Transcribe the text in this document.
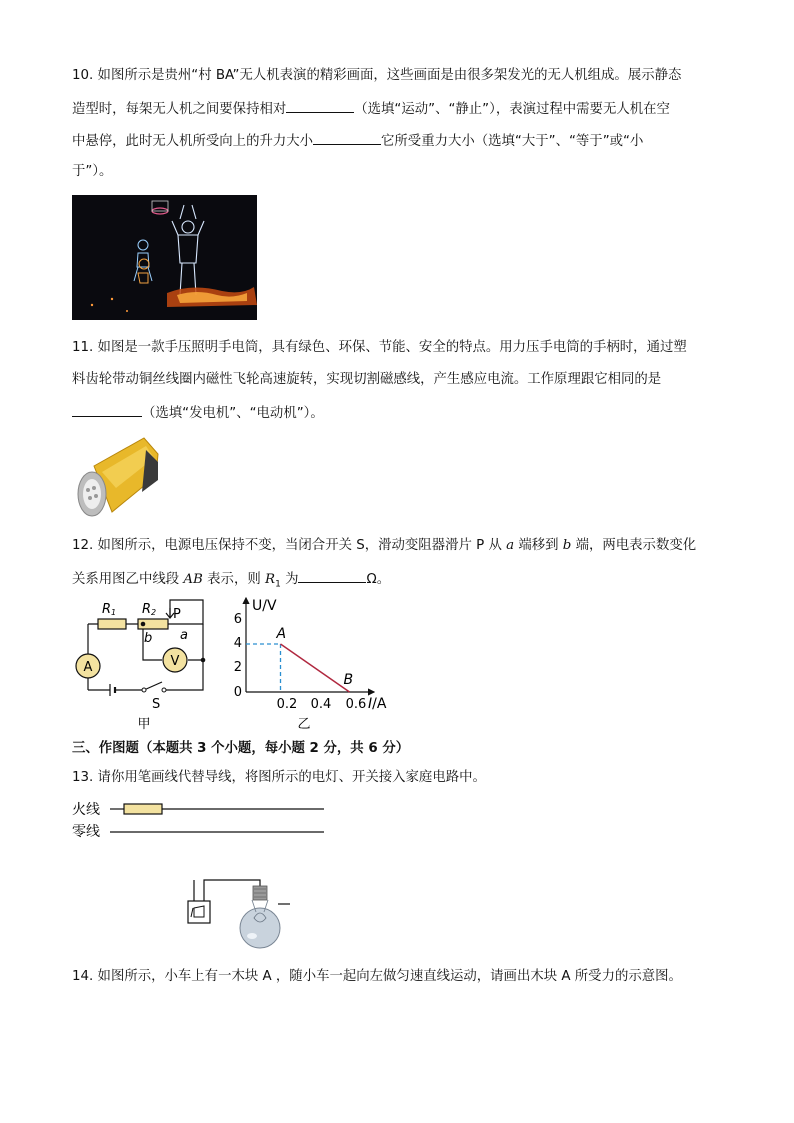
10. 如图所示是贵州“村 BA”无人机表演的精彩画面，这些画面是由很多架发光的无人机组成。展示静态
造型时，每架无人机之间要保持相对	（选填“运动”、“静止”），表演过程中需要无人机在空
中悬停，此时无人机所受向上的升力大小	它所受重力大小（选填“大于”、“等于”或“小
于”）。
11. 如图是一款手压照明手电筒，具有绿色、环保、节能、安全的特点。用力压手电筒的手柄时，通过塑
料齿轮带动铜丝线圈内磁性飞轮高速旋转，实现切割磁感线，产生感应电流。工作原理跟它相同的是
（选填“发电机”、“电动机”）。
12. 如图所示，电源电压保持不变，当闭合开关 S，滑动变阻器滑片 P 从 a 端移到 b 端，两电表示数变化
关系用图乙中线段 AB 表示，则 $R_1$ 为	Ω。
A	V
R1 R2 P
b a
S
甲
U/V
6
4
2
0
A
B
0.2 0.4 0.6 I/A
乙
三、作图题（本题共 3 个小题，每小题 2 分，共 6 分）
13. 请你用笔画线代替导线，将图所示的电灯、开关接入家庭电路中。
火线
零线
14. 如图所示，小车上有一木块 A ，随小车一起向左做匀速直线运动，请画出木块 A 所受力的示意图。
